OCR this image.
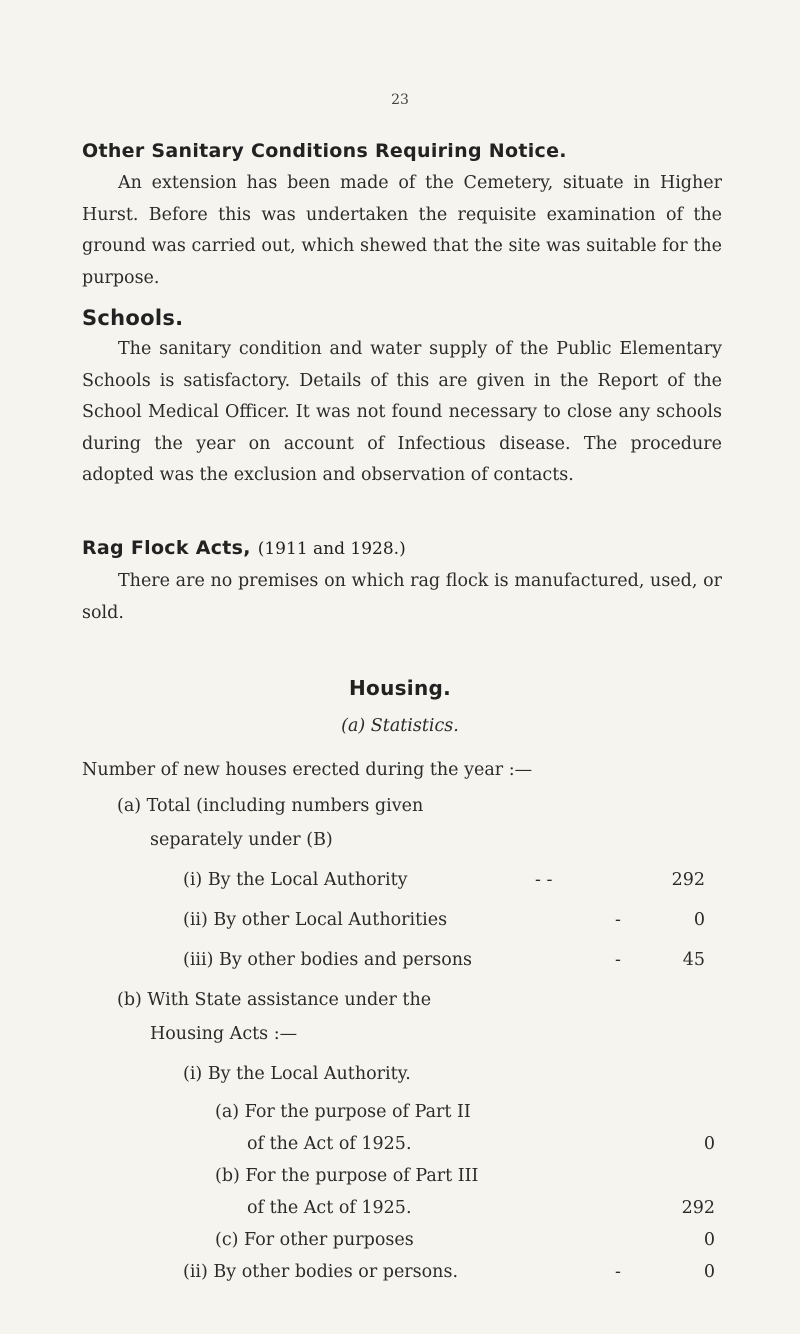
23
Other Sanitary Conditions Requiring Notice.
An extension has been made of the Cemetery, situate in Higher Hurst. Before this was undertaken the requisite examination of the ground was carried out, which shewed that the site was suitable for the purpose.
Schools.
The sanitary condition and water supply of the Public Elementary Schools is satisfactory. Details of this are given in the Report of the School Medical Officer. It was not found necessary to close any schools during the year on account of Infectious disease. The procedure adopted was the exclusion and observation of contacts.
Rag Flock Acts, (1911 and 1928.)
There are no premises on which rag flock is manufactured, used, or sold.
Housing.
(a) Statistics.
Number of new houses erected during the year :—
(a) Total (including numbers given
separately under (B)
(i) By the Local Authority	- -	292
(ii) By other Local Authorities	-	0
(iii) By other bodies and persons	-	45
(b) With State assistance under the
Housing Acts :—
(i) By the Local Authority.
(a) For the purpose of Part II
of the Act of 1925.	0
(b) For the purpose of Part III
of the Act of 1925.	292
(c) For other purposes	0
(ii) By other bodies or persons.	-	0
